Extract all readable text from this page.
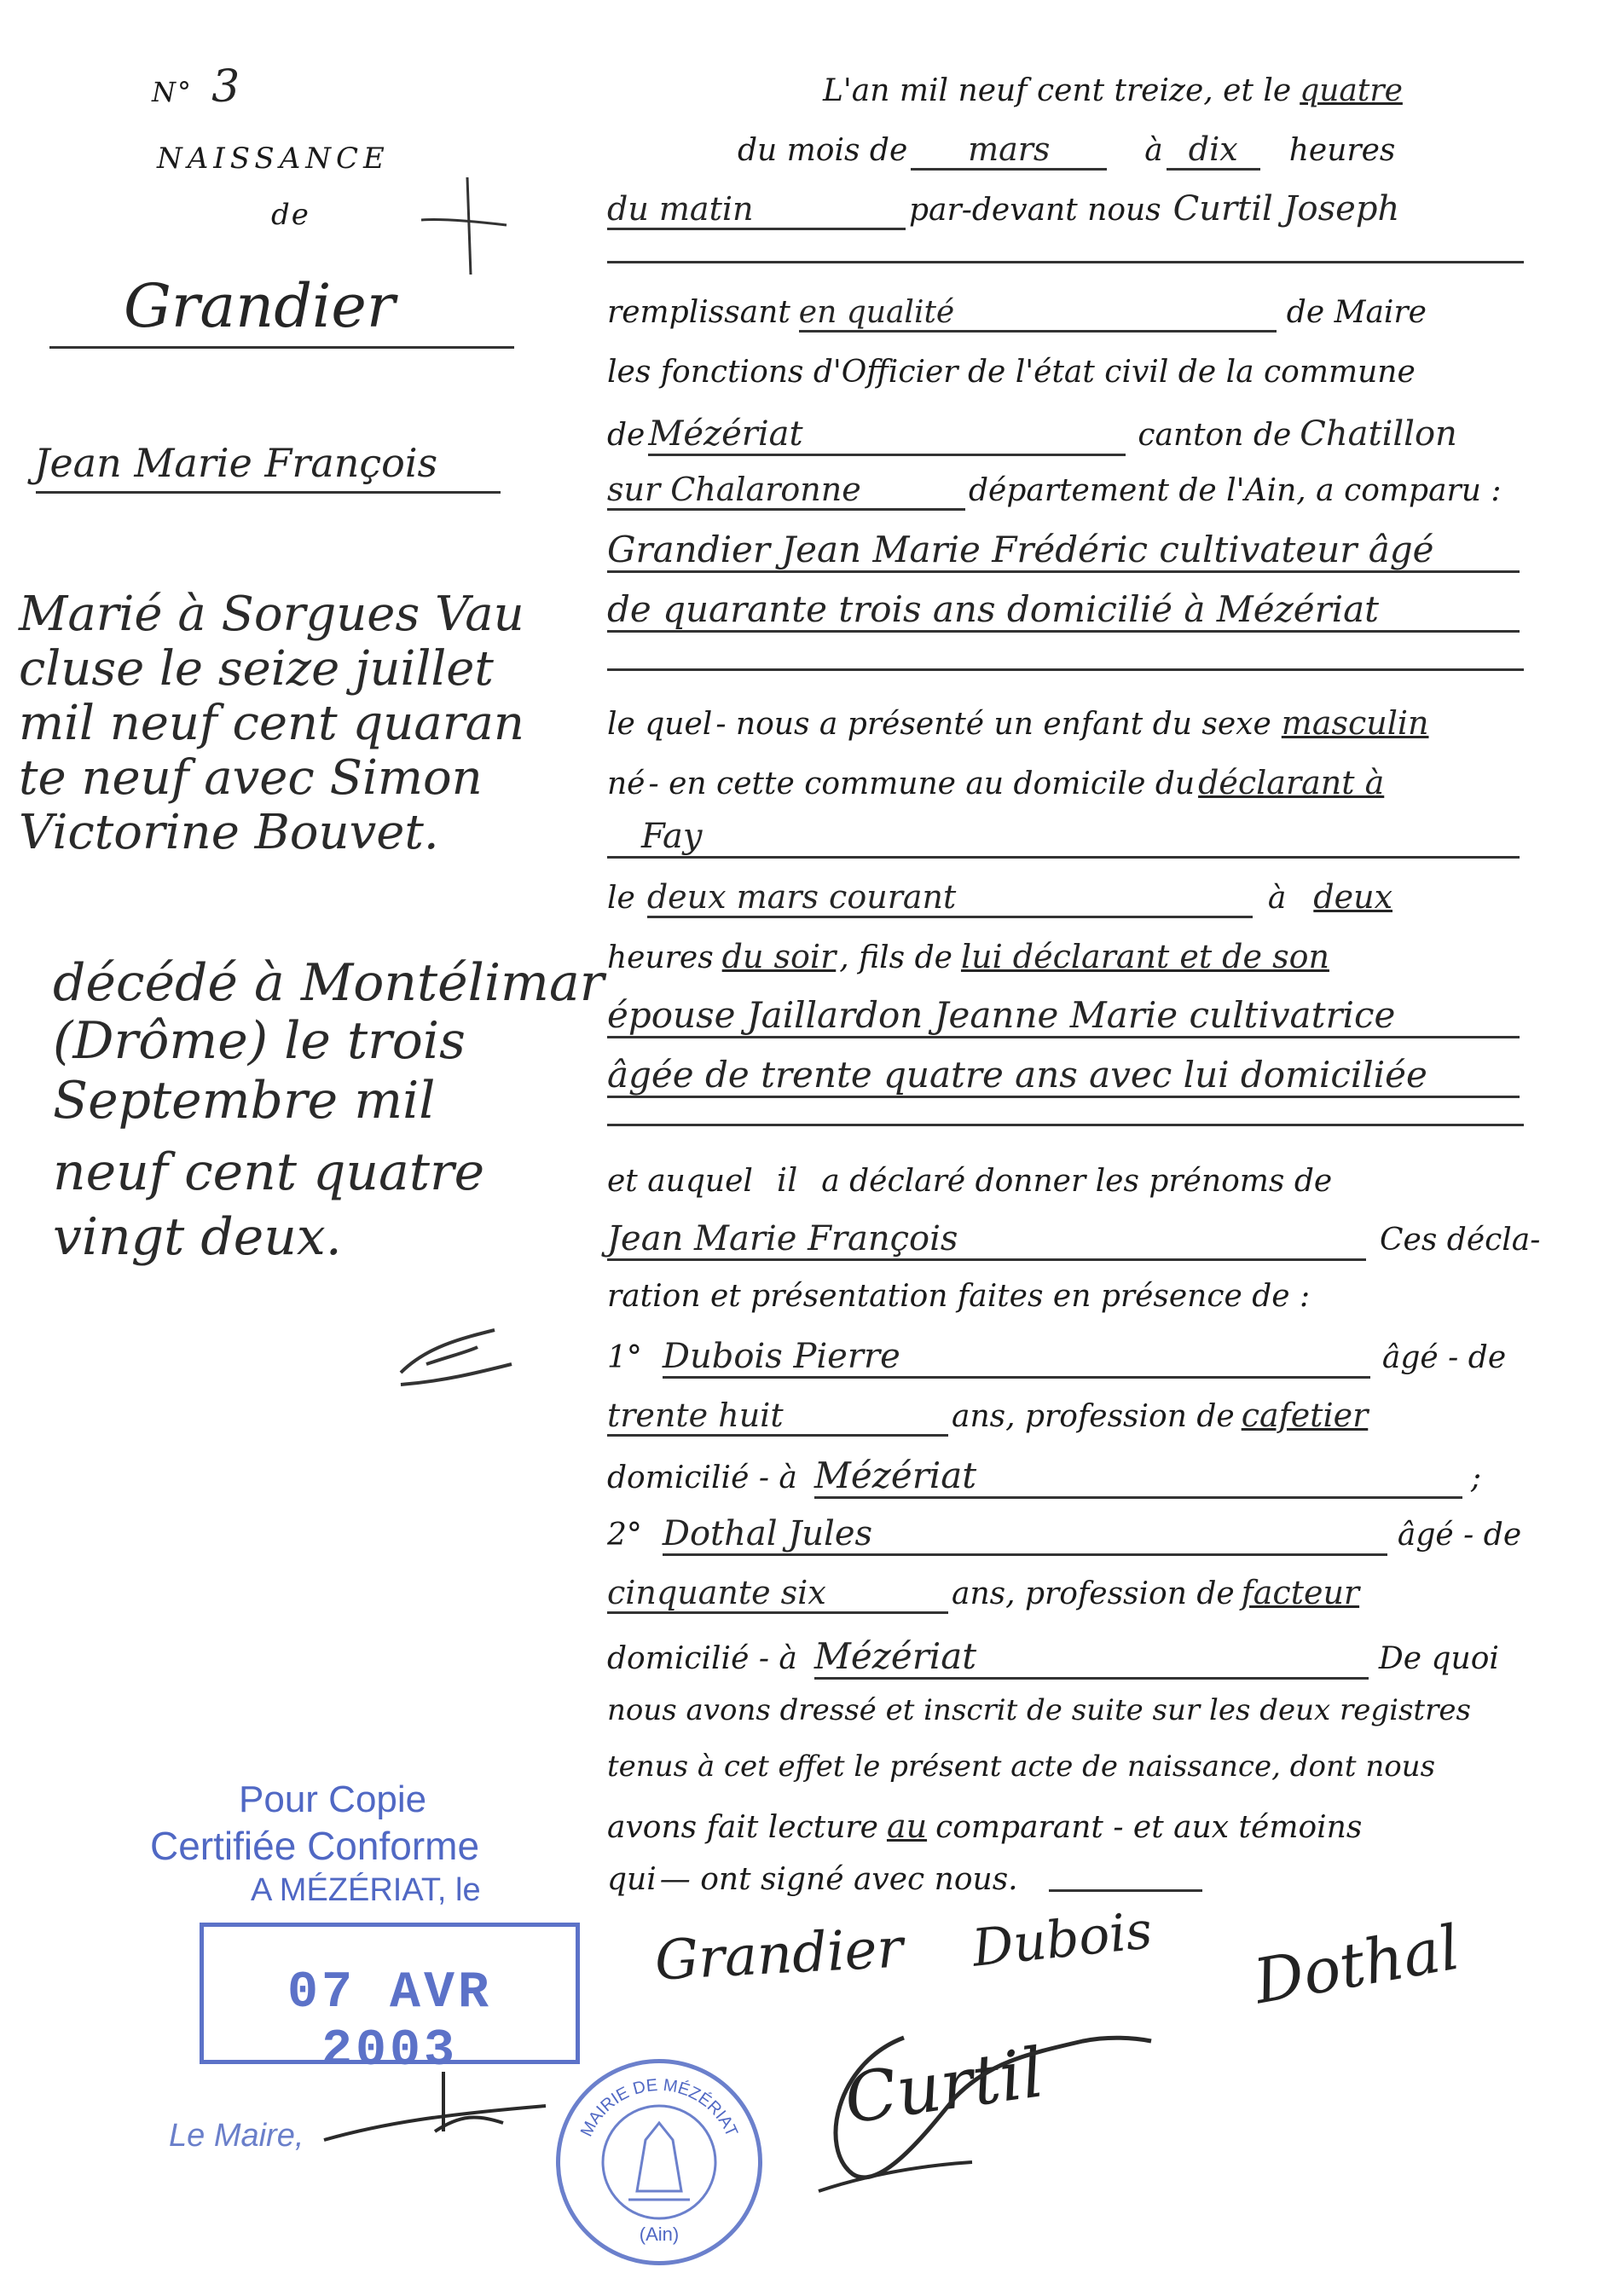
N° 3
NAISSANCE
de
Grandier
Jean Marie François
Marié à Sorgues Vau
cluse le seize juillet
mil neuf cent quaran
te neuf avec Simon
Victorine Bouvet.
décédé à Montélimar
(Drôme) le trois
Septembre mil
neuf cent quatre
vingt deux.
L'an mil neuf cent treize, et le quatre
du mois de mars	à dix heures
du matin	par-devant nous Curtil Joseph
remplissant en qualité	de Maire
les fonctions d'Officier de l'état civil de la commune
de Mézériat	canton de Chatillon
sur Chalaronne	département de l'Ain, a comparu :
Grandier Jean Marie Frédéric cultivateur âgé
de quarante trois ans domicilié à Mézériat
le quel - nous a présenté un enfant du sexe masculin
né - en cette commune au domicile du déclarant à
Fay
le deux mars courant	à deux
heures du soir , fils de lui déclarant et de son
épouse Jaillardon Jeanne Marie cultivatrice
âgée de trente quatre ans avec lui domiciliée
et auquel il a déclaré donner les prénoms de
Jean Marie François	Ces décla-
ration et présentation faites en présence de :
1° Dubois Pierre	âgé - de
trente huit	ans, profession de cafetier
domicilié - à Mézériat	;
2° Dothal Jules	âgé - de
cinquante six	ans, profession de facteur
domicilié - à Mézériat	De quoi
nous avons dressé et inscrit de suite sur les deux registres
tenus à cet effet le présent acte de naissance, dont nous
avons fait lecture au comparant - et aux témoins
qui — ont signé avec nous.
Grandier Dubois Dothal
Curtil
Pour Copie
Certifiée Conforme
A MÉZÉRIAT, le
07 AVR 2003
Le Maire,	MAIRIE DE MÉZÉRIAT
(Ain)
